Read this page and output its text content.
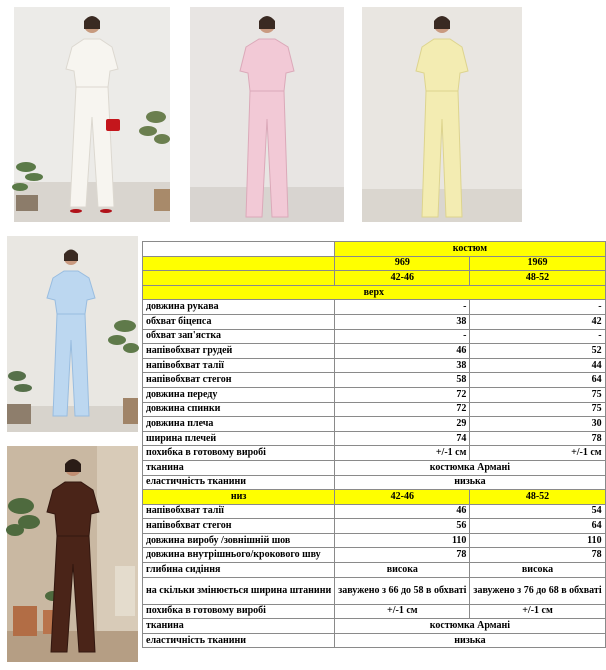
	костюм	
	969	1969
	42-46	48-52
верх		
довжина рукава	-	-
обхват біцепса	38	42
обхват зап'ястка	-	-
напівобхват грудей	46	52
напівобхват талії	38	44
напівобхват стегон	58	64
довжина переду	72	75
довжина спинки	72	75
довжина плеча	29	30
ширина плечей	74	78
похибка в готовому виробі	+/-1 см	+/-1 см
тканина	костюмка Армані	
еластичність тканини	низька	
низ	42-46	48-52
напівобхват талії	46	54
напівобхват стегон	56	64
довжина виробу /зовнішній шов	110	110
довжина внутрішнього/крокового шву	78	78
глибина сидіння	висока	висока
на скільки змінюється ширина штанини	завужено з 66 до 58 в обхваті	завужено з 76 до 68 в обхваті
похибка в готовому виробі	+/-1 см	+/-1 см
тканина	костюмка Армані	
еластичність тканини	низька	
